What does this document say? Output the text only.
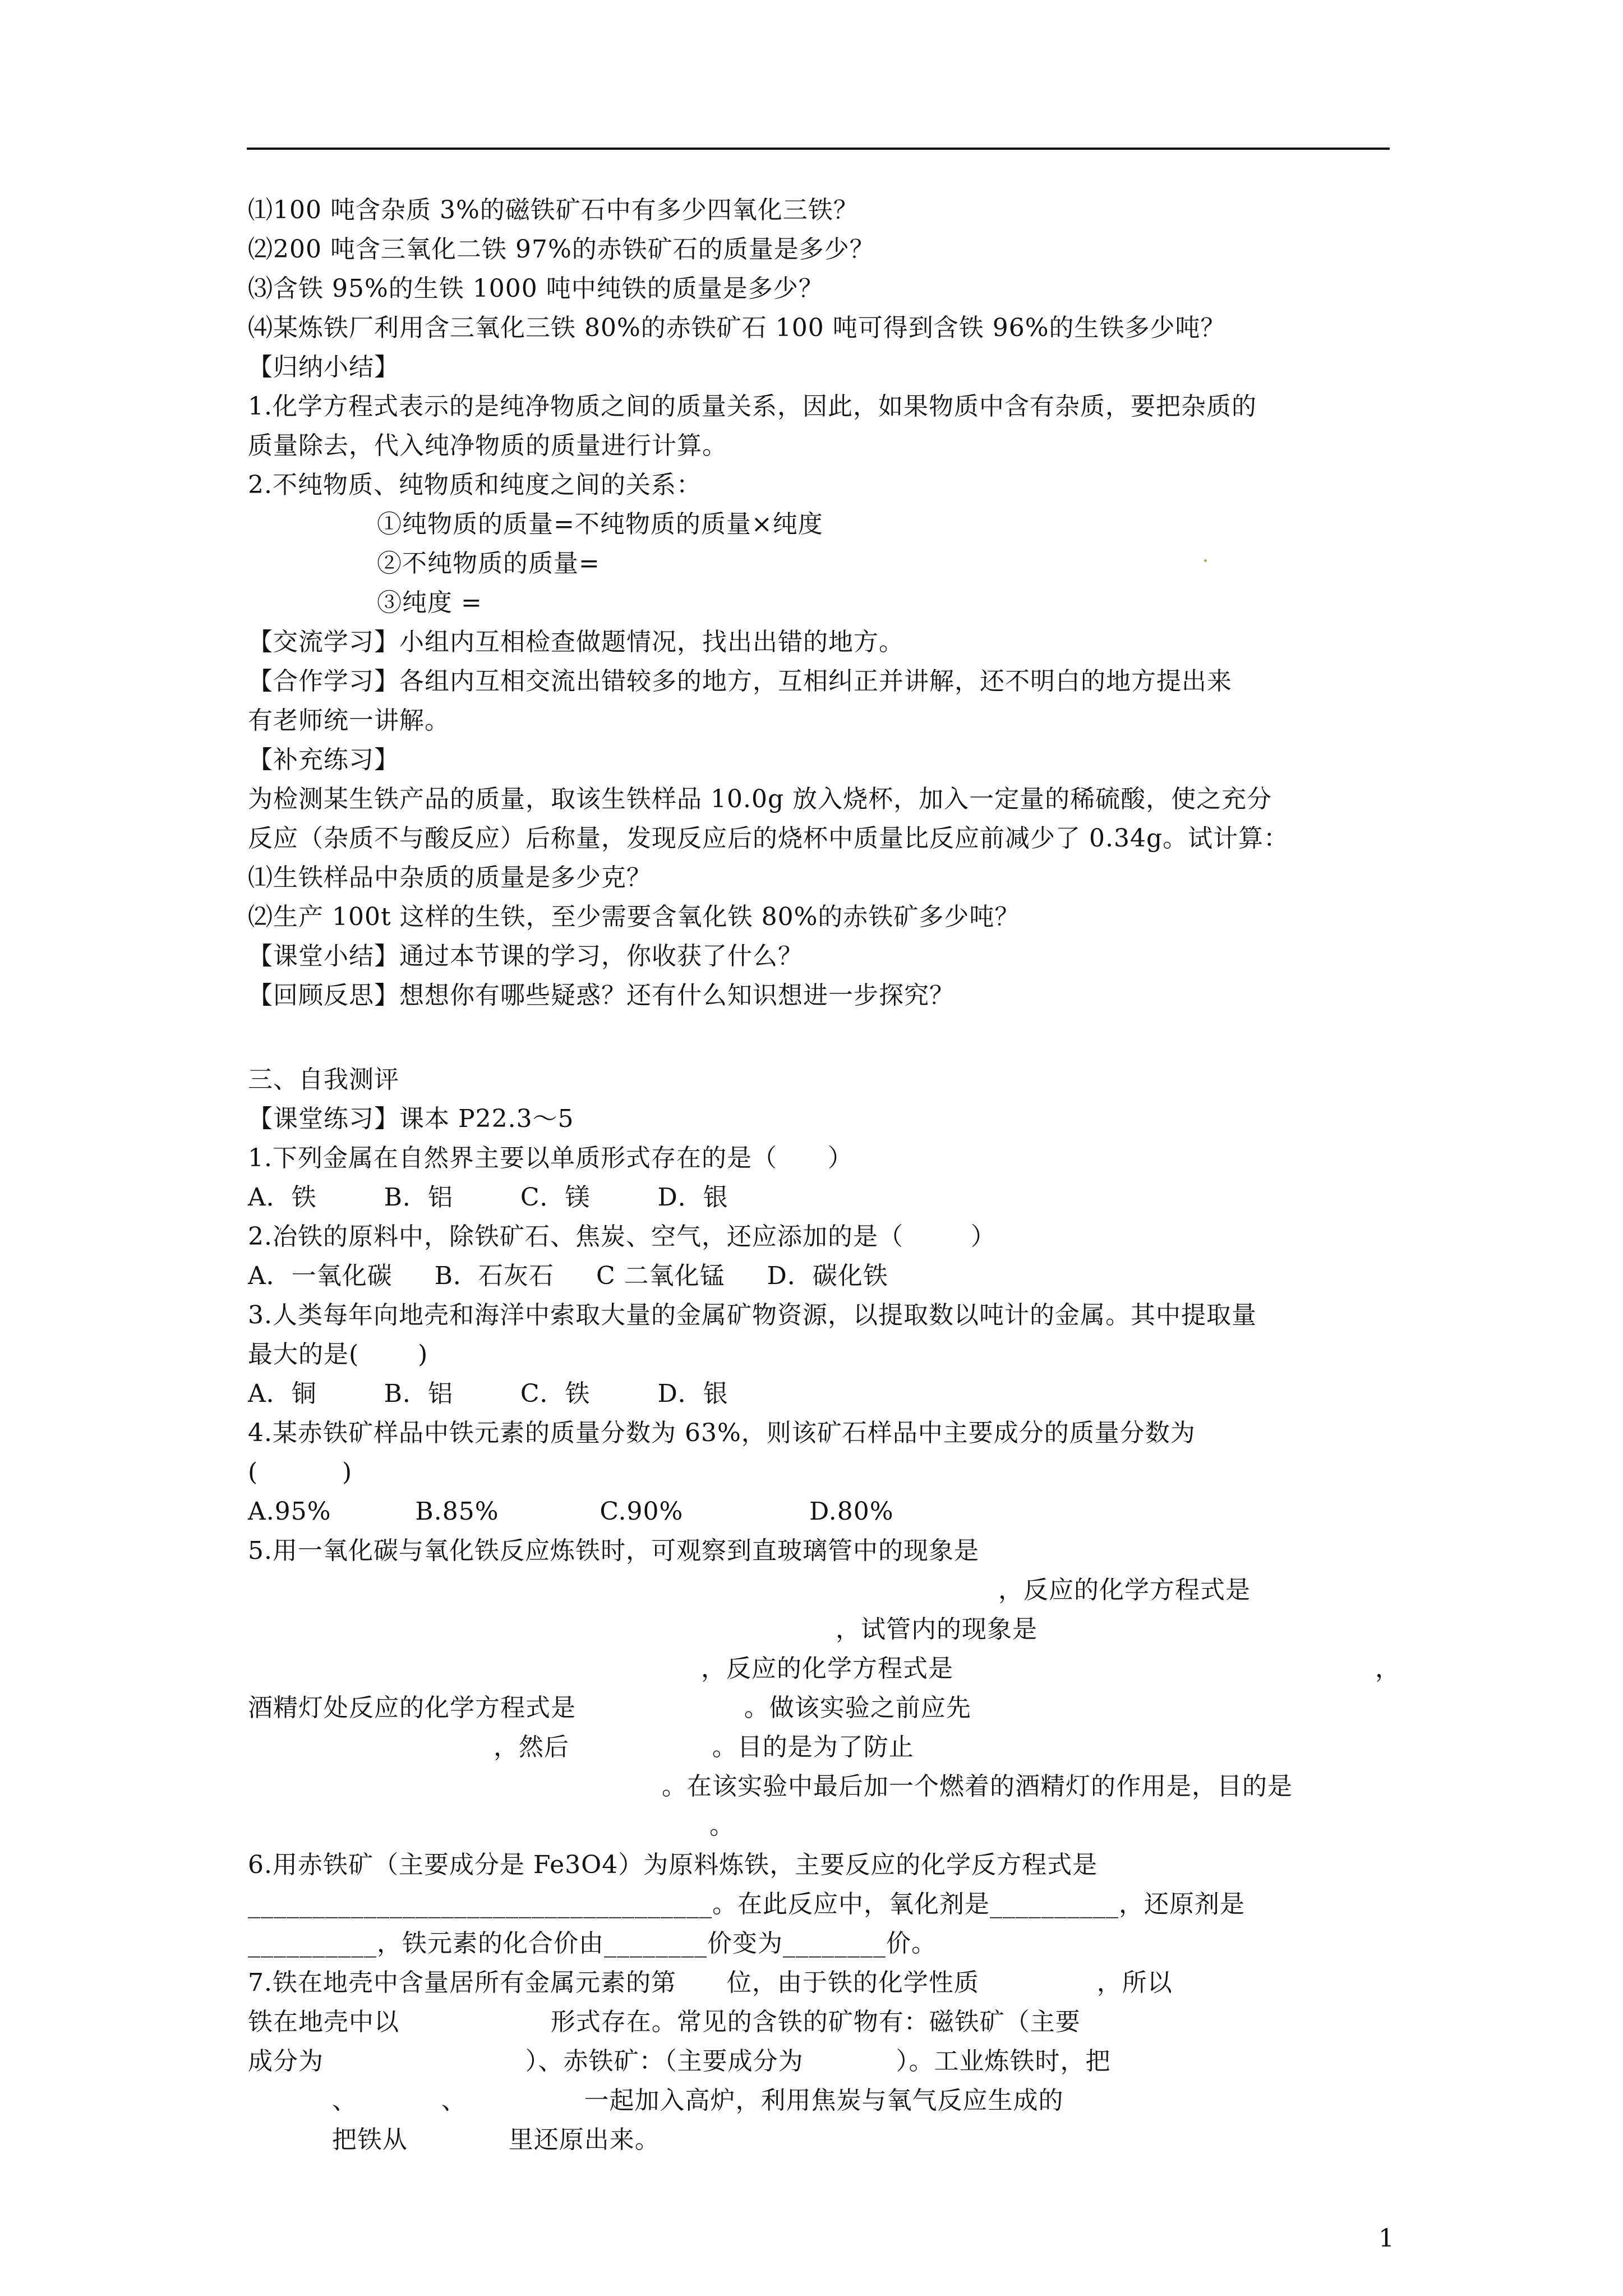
⑴100 吨含杂质 3%的磁铁矿石中有多少四氧化三铁？
⑵200 吨含三氧化二铁 97%的赤铁矿石的质量是多少？
⑶含铁 95%的生铁 1000 吨中纯铁的质量是多少？
⑷某炼铁厂利用含三氧化三铁 80%的赤铁矿石 100 吨可得到含铁 96%的生铁多少吨？
【归纳小结】
1.化学方程式表示的是纯净物质之间的质量关系，因此，如果物质中含有杂质，要把杂质的
质量除去，代入纯净物质的质量进行计算。
2.不纯物质、纯物质和纯度之间的关系：
①纯物质的质量=不纯物质的质量×纯度
②不纯物质的质量=
③纯度 =
【交流学习】小组内互相检查做题情况，找出出错的地方。
【合作学习】各组内互相交流出错较多的地方，互相纠正并讲解，还不明白的地方提出来
有老师统一讲解。
【补充练习】
为检测某生铁产品的质量，取该生铁样品 10.0g 放入烧杯，加入一定量的稀硫酸，使之充分
反应（杂质不与酸反应）后称量，发现反应后的烧杯中质量比反应前减少了 0.34g。试计算：
⑴生铁样品中杂质的质量是多少克？
⑵生产 100t 这样的生铁，至少需要含氧化铁 80%的赤铁矿多少吨？
【课堂小结】通过本节课的学习，你收获了什么？
【回顾反思】想想你有哪些疑惑？还有什么知识想进一步探究？
三、自我测评
【课堂练习】课本 P22.3～5
1.下列金属在自然界主要以单质形式存在的是（      ）
A．铁        B．铝        C．镁        D．银
2.冶铁的原料中，除铁矿石、焦炭、空气，还应添加的是（        ）
A．一氧化碳     B．石灰石     C 二氧化锰     D．碳化铁
3.人类每年向地壳和海洋中索取大量的金属矿物资源，以提取数以吨计的金属。其中提取量
最大的是(       )
A．铜        B．铝        C．铁        D．银
4.某赤铁矿样品中铁元素的质量分数为 63%，则该矿石样品中主要成分的质量分数为
(          )
A.95%          B.85%            C.90%               D.80%
5.用一氧化碳与氧化铁反应炼铁时，可观察到直玻璃管中的现象是
，反应的化学方程式是
，试管内的现象是
，反应的化学方程式是	，
酒精灯处反应的化学方程式是                    。做该实验之前应先
，然后                 。目的是为了防止
。在该实验中最后加一个燃着的酒精灯的作用是，目的是
。
6.用赤铁矿（主要成分是 Fe3O4）为原料炼铁，主要反应的化学反方程式是
____________________________________。在此反应中，氧化剂是__________，还原剂是
__________，铁元素的化合价由________价变为________价。
7.铁在地壳中含量居所有金属元素的第      位，由于铁的化学性质              ，所以
铁在地壳中以                  形式存在。常见的含铁的矿物有：磁铁矿（主要
成分为                        ）、赤铁矿：（主要成分为           ）。工业炼铁时，把
、          、              一起加入高炉，利用焦炭与氧气反应生成的
把铁从            里还原出来。
1
